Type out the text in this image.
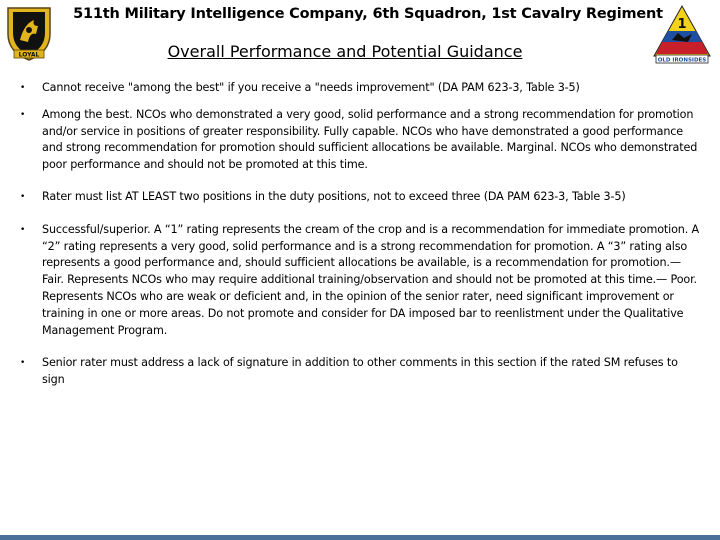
LOYAL
511th Military Intelligence Company, 6th Squadron, 1st Cavalry Regiment
1
OLD IRONSIDES
Overall Performance and Potential Guidance
• Cannot receive "among the best" if you receive a "needs improvement" (DA PAM 623-3, Table 3-5)
• Among the best. NCOs who demonstrated a very good, solid performance and a strong recommendation for promotion and/or service in positions of greater responsibility. Fully capable. NCOs who have demonstrated a good performance and strong recommendation for promotion should sufficient allocations be available. Marginal. NCOs who demonstrated poor performance and should not be promoted at this time.
• Rater must list AT LEAST two positions in the duty positions, not to exceed three (DA PAM 623-3, Table 3-5)
• Successful/superior. A “1” rating represents the cream of the crop and is a recommendation for immediate promotion. A “2” rating represents a very good, solid performance and is a strong recommendation for promotion. A “3” rating also represents a good performance and, should sufficient allocations be available, is a recommendation for promotion.— Fair. Represents NCOs who may require additional training/observation and should not be promoted at this time.— Poor. Represents NCOs who are weak or deficient and, in the opinion of the senior rater, need significant improvement or training in one or more areas. Do not promote and consider for DA imposed bar to reenlistment under the Qualitative Management Program.
• Senior rater must address a lack of signature in addition to other comments in this section if the rated SM refuses to sign
